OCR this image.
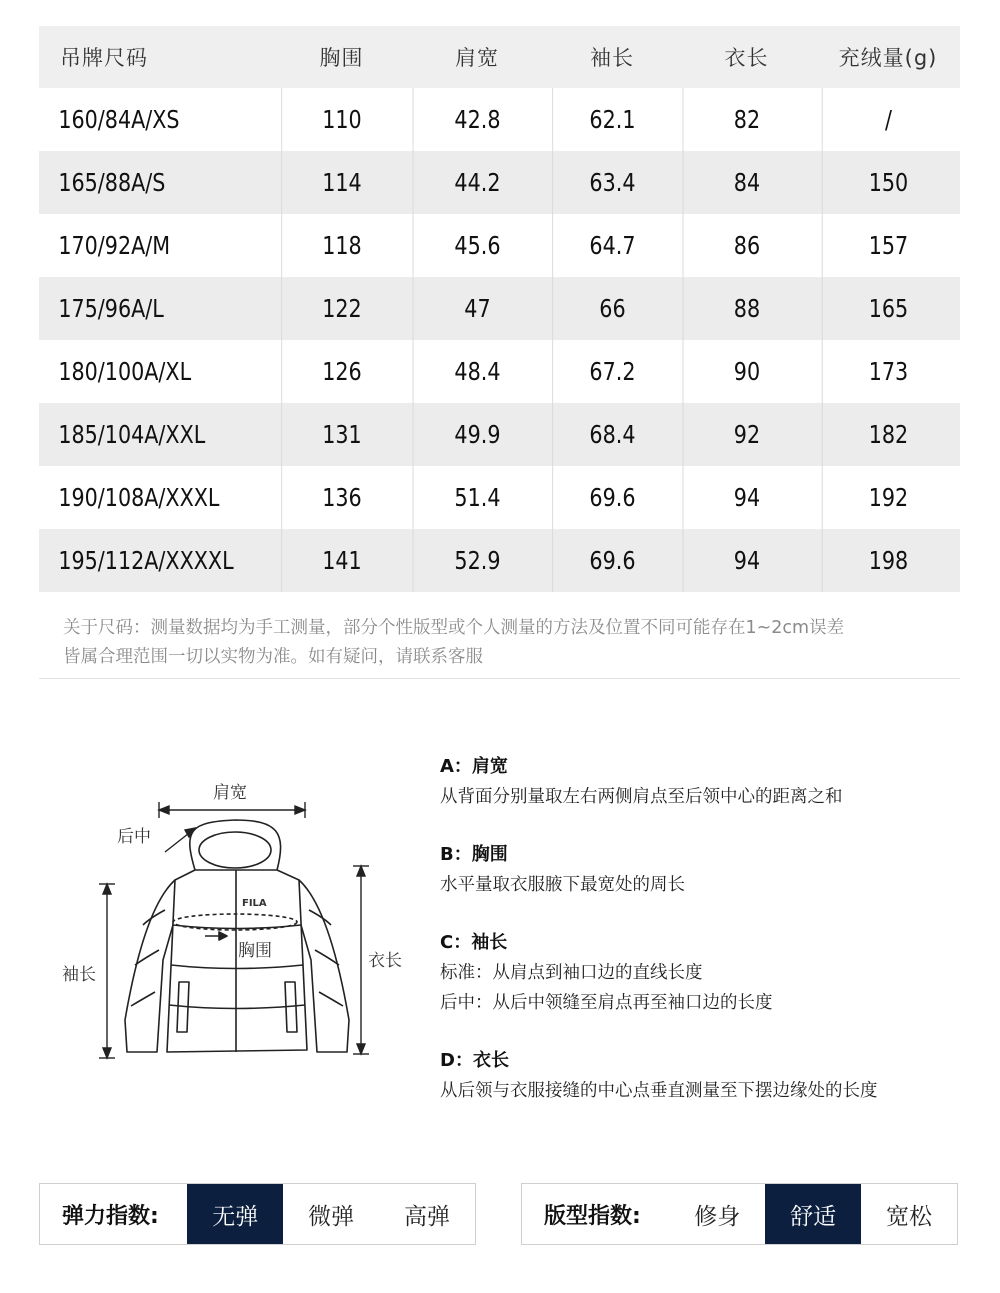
吊牌尺码	胸围	肩宽	袖长	衣长	充绒量(g)
160/84A/XS	110	42.8	62.1	82	/
165/88A/S	114	44.2	63.4	84	150
170/92A/M	118	45.6	64.7	86	157
175/96A/L	122	47	66	88	165
180/100A/XL	126	48.4	67.2	90	173
185/104A/XXL	131	49.9	68.4	92	182
190/108A/XXXL	136	51.4	69.6	94	192
195/112A/XXXXL	141	52.9	69.6	94	198
关于尺码：测量数据均为手工测量，部分个性版型或个人测量的方法及位置不同可能存在1~2cm误差
皆属合理范围一切以实物为准。如有疑问，请联系客服
肩宽
后中
胸围
袖长
衣长
FILA
A：肩宽
从背面分别量取左右两侧肩点至后领中心的距离之和
B：胸围
水平量取衣服腋下最宽处的周长
C：袖长
标准：从肩点到袖口边的直线长度
后中：从后中领缝至肩点再至袖口边的长度
D：衣长
从后领与衣服接缝的中心点垂直测量至下摆边缘处的长度
弹力指数:	无弹	微弹	高弹	版型指数:	修身	舒适	宽松
